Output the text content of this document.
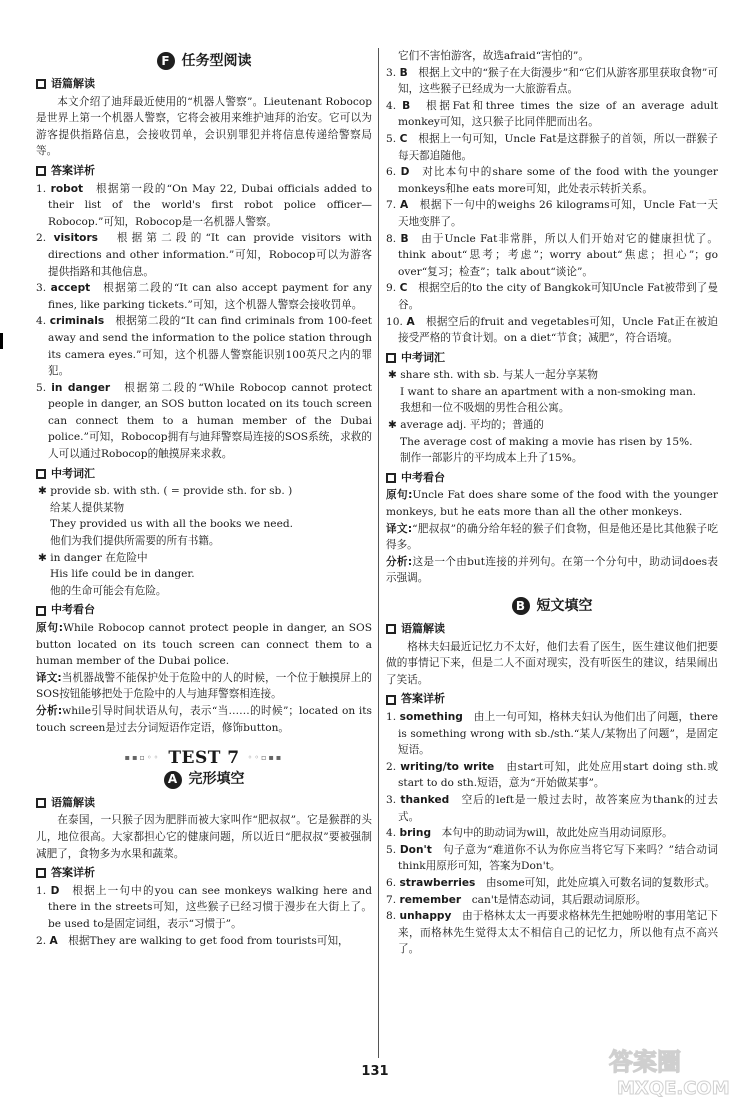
F 任务型阅读
语篇解读

本文介绍了迪拜最近使用的“机器人警察”。Lieutenant Robocop是世界上第一个机器人警察，它将会被用来维护迪拜的治安。它可以为游客提供指路信息，会接收罚单，会识别罪犯并将信息传递给警察局等。

答案详析

1. robot　 根据第一段的“On May 22, Dubai officials added to their list of the world's first robot police officer—Robocop.”可知，Robocop是一名机器人警察。

2. visitors　 根据第二段的“It can provide visitors with directions and other information.”可知，Robocop可以为游客提供指路和其他信息。

3. accept　 根据第二段的“It can also accept payment for any fines, like parking tickets.”可知，这个机器人警察会接收罚单。

4. criminals　 根据第二段的“It can find criminals from 100-feet away and send the information to the police station through its camera eyes.”可知，这个机器人警察能识别100英尺之内的罪犯。

5. in danger　 根据第二段的“While Robocop cannot protect people in danger, an SOS button located on its touch screen can connect them to a human member of the Dubai police.”可知，Robocop拥有与迪拜警察局连接的SOS系统，求救的人可以通过Robocop的触摸屏来求救。

中考词汇

✱ provide sb. with sth. ( = provide sth. for sb. )

给某人提供某物

They provided us with all the books we need.

他们为我们提供所需要的所有书籍。

✱ in danger 在危险中

His life could be in danger.

他的生命可能会有危险。

中考看台

原句:While Robocop cannot protect people in danger, an SOS button located on its touch screen can connect them to a human member of the Dubai police.

译文:当机器战警不能保护处于危险中的人的时候，一个位于触摸屏上的SOS按钮能够把处于危险中的人与迪拜警察相连接。

分析:while引导时间状语从句，表示“当……的时候”；located on its touch screen是过去分词短语作定语，修饰button。

▪▪▫◦◦ TEST 7 ◦◦▫▪▪
A 完形填空
语篇解读

在泰国，一只猴子因为肥胖而被大家叫作“肥叔叔”。它是猴群的头儿，地位很高。大家都担心它的健康问题，所以近日“肥叔叔”要被强制减肥了，食物多为水果和蔬菜。

答案详析

1. D　 根据上一句中的you can see monkeys walking here and there in the streets可知，这些猴子已经习惯于漫步在大街上了。be used to是固定词组，表示“习惯于”。

2. A　 根据They are walking to get food from tourists可知，

它们不害怕游客，故选afraid“害怕的”。

3. B　 根据上文中的“猴子在大街漫步”和“它们从游客那里获取食物”可知，这些猴子已经成为一大旅游看点。

4. B　 根据Fat和three times the size of an average adult monkey可知，这只猴子比同伴肥而出名。

5. C　 根据上一句可知，Uncle Fat是这群猴子的首领，所以一群猴子每天都追随他。

6. D　 对比本句中的share some of the food with the younger monkeys和he eats more可知，此处表示转折关系。

7. A　 根据下一句中的weighs 26 kilograms可知，Uncle Fat一天天地变胖了。

8. B　 由于Uncle Fat非常胖，所以人们开始对它的健康担忧了。think about“思考；考虑”；worry about“焦虑；担心”；go over“复习；检查”；talk about“谈论”。

9. C　 根据空后的to the city of Bangkok可知Uncle Fat被带到了曼谷。

10. A　 根据空后的fruit and vegetables可知，Uncle Fat正在被迫接受严格的节食计划。on a diet“节食；减肥”，符合语境。

中考词汇

✱ share sth. with sb. 与某人一起分享某物

I want to share an apartment with a non-smoking man.

我想和一位不吸烟的男性合租公寓。

✱ average adj. 平均的；普通的

The average cost of making a movie has risen by 15%.

制作一部影片的平均成本上升了15%。

中考看台

原句:Uncle Fat does share some of the food with the younger monkeys, but he eats more than all the other monkeys.

译文:“肥叔叔”的确分给年轻的猴子们食物，但是他还是比其他猴子吃得多。

分析:这是一个由but连接的并列句。在第一个分句中，助动词does表示强调。

B 短文填空
语篇解读

格林夫妇最近记忆力不太好，他们去看了医生，医生建议他们把要做的事情记下来，但是二人不面对现实，没有听医生的建议，结果闹出了笑话。

答案详析

1. something　 由上一句可知，格林夫妇认为他们出了问题，there is something wrong with sb./sth.“某人/某物出了问题”，是固定短语。

2. writing/to write　 由start可知，此处应用start doing sth.或start to do sth.短语，意为“开始做某事”。

3. thanked　 空后的left是一般过去时，故答案应为thank的过去式。

4. bring　 本句中的助动词为will，故此处应当用动词原形。

5. Don't　 句子意为“难道你不认为你应当将它写下来吗？”结合动词think用原形可知，答案为Don't。

6. strawberries　 由some可知，此处应填入可数名词的复数形式。

7. remember　 can't是情态动词，其后跟动词原形。

8. unhappy　 由于格林太太一再要求格林先生把她吩咐的事用笔记下来，而格林先生觉得太太不相信自己的记忆力，所以他有点不高兴了。

131	答案圈
MXQE.COM
